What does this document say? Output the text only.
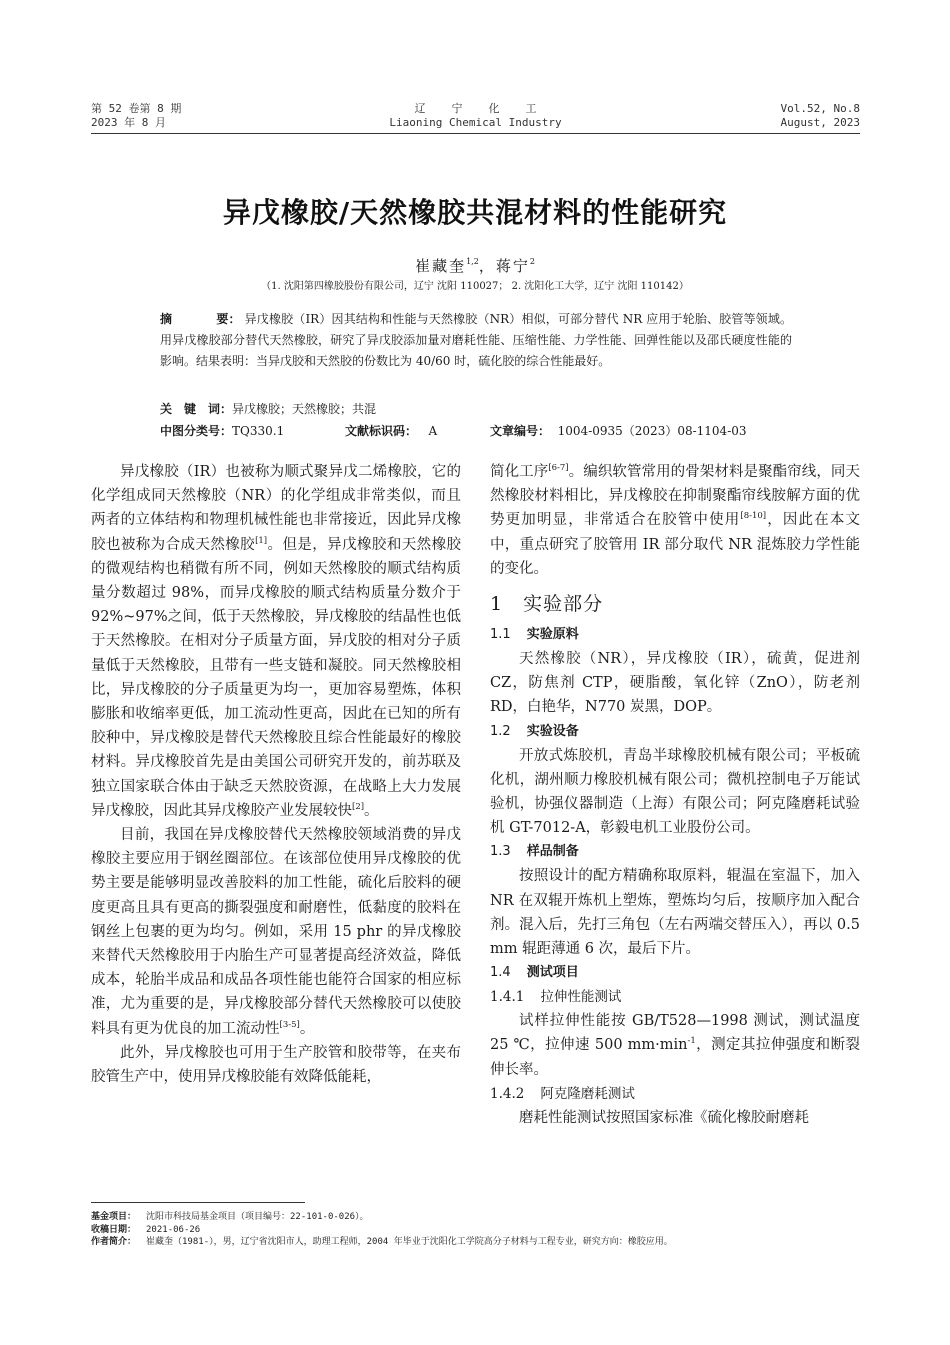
第 52 卷第 8 期
2023 年 8 月
辽宁化工
Liaoning Chemical Industry
Vol.52, No.8
August, 2023
异戊橡胶/天然橡胶共混材料的性能研究
崔藏奎$^{1,2}$，蒋宁$^2$
（1. 沈阳第四橡胶股份有限公司，辽宁 沈阳 110027； 2. 沈阳化工大学，辽宁 沈阳 110142）
摘	要： 异戊橡胶（IR）因其结构和性能与天然橡胶（NR）相似，可部分替代 NR 应用于轮胎、胶管等领域。用异戊橡胶部分替代天然橡胶，研究了异戊胶添加量对磨耗性能、压缩性能、力学性能、回弹性能以及邵氏硬度性能的影响。结果表明：当异戊胶和天然胶的份数比为 40/60 时，硫化胶的综合性能最好。
关　键　词：异戊橡胶；天然橡胶；共混
中图分类号：TQ330.1	文献标识码： A	文章编号： 1004-0935（2023）08-1104-03

异戊橡胶（IR）也被称为顺式聚异戊二烯橡胶，它的化学组成同天然橡胶（NR）的化学组成非常类似，而且两者的立体结构和物理机械性能也非常接近，因此异戊橡胶也被称为合成天然橡胶[1]。但是，异戊橡胶和天然橡胶的微观结构也稍微有所不同，例如天然橡胶的顺式结构质量分数超过 98%，而异戊橡胶的顺式结构质量分数介于 92%~97%之间，低于天然橡胶，异戊橡胶的结晶性也低于天然橡胶。在相对分子质量方面，异戊胶的相对分子质量低于天然橡胶，且带有一些支链和凝胶。同天然橡胶相比，异戊橡胶的分子质量更为均一，更加容易塑炼，体积膨胀和收缩率更低，加工流动性更高，因此在已知的所有胶种中，异戊橡胶是替代天然橡胶且综合性能最好的橡胶材料。异戊橡胶首先是由美国公司研究开发的，前苏联及独立国家联合体由于缺乏天然胶资源，在战略上大力发展异戊橡胶，因此其异戊橡胶产业发展较快[2]。

目前，我国在异戊橡胶替代天然橡胶领域消费的异戊橡胶主要应用于钢丝圈部位。在该部位使用异戊橡胶的优势主要是能够明显改善胶料的加工性能，硫化后胶料的硬度更高且具有更高的撕裂强度和耐磨性，低黏度的胶料在钢丝上包裹的更为均匀。例如，采用 15 phr 的异戊橡胶来替代天然橡胶用于内胎生产可显著提高经济效益，降低成本，轮胎半成品和成品各项性能也能符合国家的相应标准，尤为重要的是，异戊橡胶部分替代天然橡胶可以使胶料具有更为优良的加工流动性[3-5]。

此外，异戊橡胶也可用于生产胶管和胶带等，在夹布胶管生产中，使用异戊橡胶能有效降低能耗，

简化工序[6-7]。编织软管常用的骨架材料是聚酯帘线，同天然橡胶材料相比，异戊橡胶在抑制聚酯帘线胺解方面的优势更加明显，非常适合在胶管中使用[8-10]，因此在本文中，重点研究了胶管用 IR 部分取代 NR 混炼胶力学性能的变化。

1 实验部分
1.1 实验原料

天然橡胶（NR），异戊橡胶（IR），硫黄，促进剂 CZ，防焦剂 CTP，硬脂酸，氧化锌（ZnO），防老剂 RD，白艳华，N770 炭黑，DOP。

1.2 实验设备

开放式炼胶机，青岛半球橡胶机械有限公司；平板硫化机，湖州顺力橡胶机械有限公司；微机控制电子万能试验机，协强仪器制造（上海）有限公司；阿克隆磨耗试验机 GT-7012-A，彰毅电机工业股份公司。

1.3 样品制备

按照设计的配方精确称取原料，辊温在室温下，加入 NR 在双辊开炼机上塑炼，塑炼均匀后，按顺序加入配合剂。混入后，先打三角包（左右两端交替压入），再以 0.5 mm 辊距薄通 6 次，最后下片。

1.4 测试项目
1.4.1 拉伸性能测试

试样拉伸性能按 GB/T528—1998 测试，测试温度 25 ℃，拉伸速 500 $mm\cdot\min^{-1}$，测定其拉伸强度和断裂伸长率。

1.4.2 阿克隆磨耗测试

磨耗性能测试按照国家标准《硫化橡胶耐磨耗

基金项目： 沈阳市科技局基金项目（项目编号：22-101-0-026）。
收稿日期： 2021-06-26
作者简介： 崔藏奎（1981-），男，辽宁省沈阳市人，助理工程师，2004 年毕业于沈阳化工学院高分子材料与工程专业，研究方向：橡胶应用。
